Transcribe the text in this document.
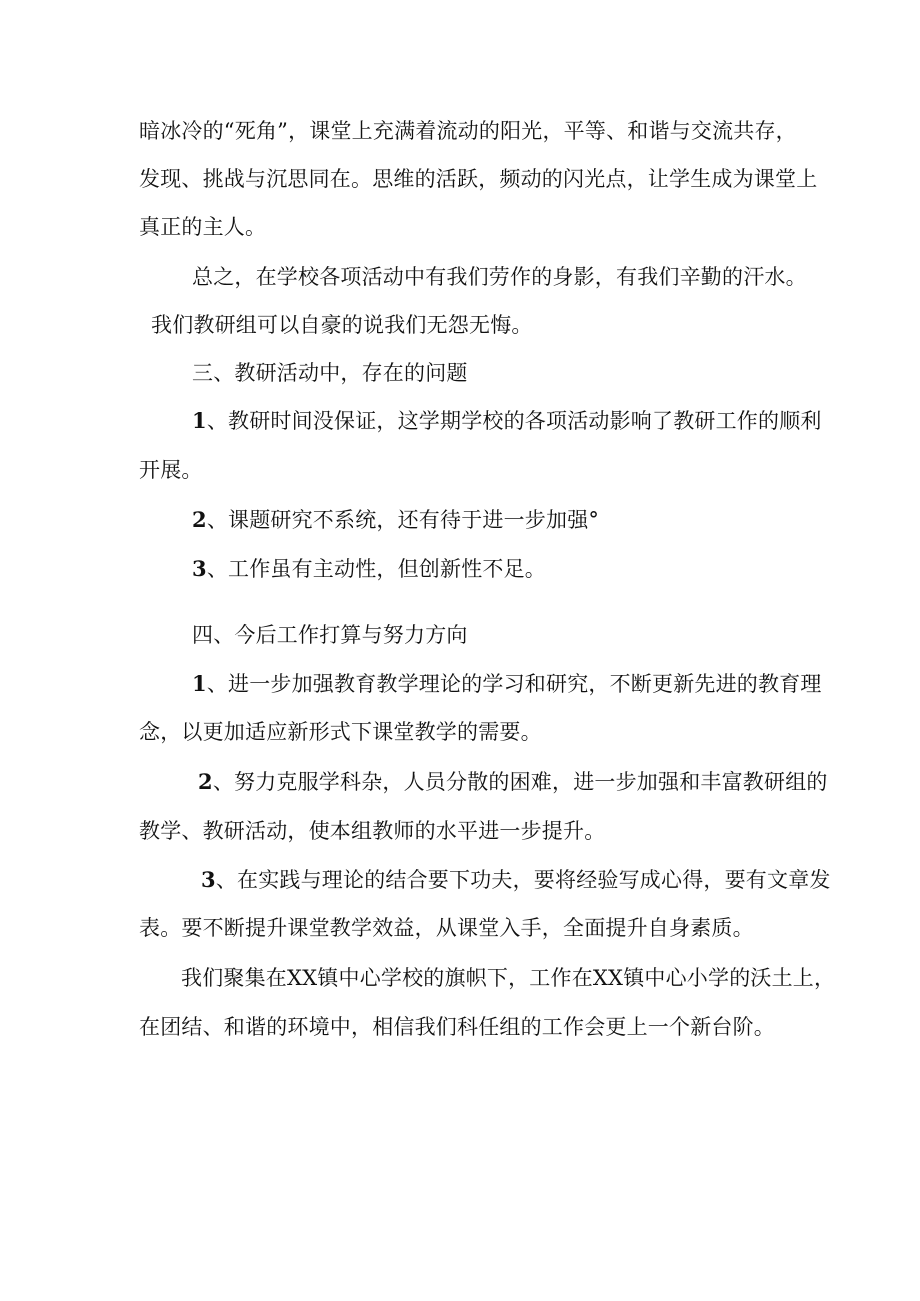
暗冰冷的“死角”，课堂上充满着流动的阳光，平等、和谐与交流共存，
发现、挑战与沉思同在。思维的活跃，频动的闪光点，让学生成为课堂上
真正的主人。
总之，在学校各项活动中有我们劳作的身影，有我们辛勤的汗水。
我们教研组可以自豪的说我们无怨无悔。
三、教研活动中，存在的问题
1、教研时间没保证，这学期学校的各项活动影响了教研工作的顺利
开展。
2、课题研究不系统，还有待于进一步加强°
3、工作虽有主动性，但创新性不足。
四、今后工作打算与努力方向
1、进一步加强教育教学理论的学习和研究，不断更新先进的教育理
念，以更加适应新形式下课堂教学的需要。
2、努力克服学科杂，人员分散的困难，进一步加强和丰富教研组的
教学、教研活动，使本组教师的水平进一步提升。
3、在实践与理论的结合要下功夫，要将经验写成心得，要有文章发
表。要不断提升课堂教学效益，从课堂入手，全面提升自身素质。
我们聚集在XX镇中心学校的旗帜下，工作在XX镇中心小学的沃土上，
在团结、和谐的环境中，相信我们科任组的工作会更上一个新台阶。
